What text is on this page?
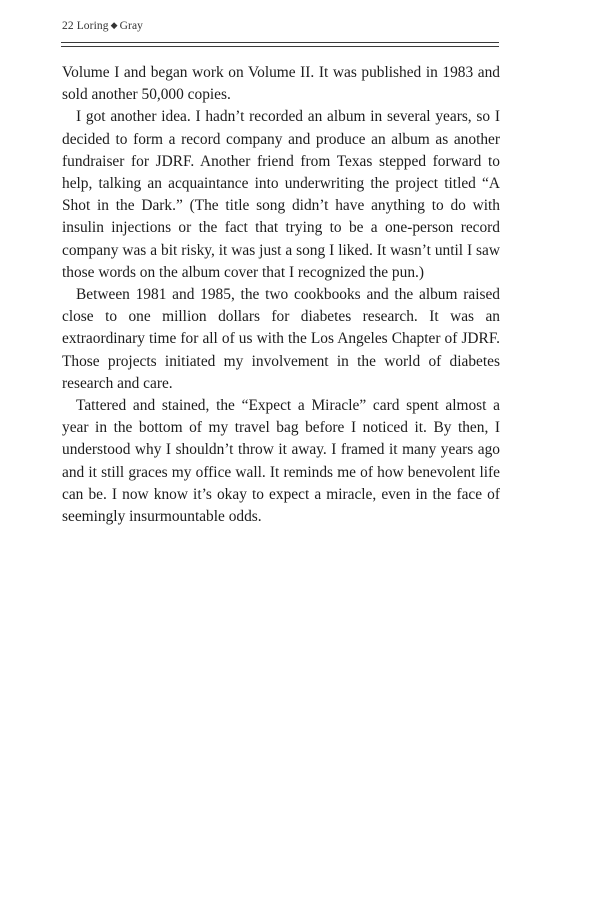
22 Loring ◆ Gray

Volume I and began work on Volume II. It was published in 1983 and sold another 50,000 copies.

I got another idea. I hadn’t recorded an album in several years, so I decided to form a record company and produce an album as another fundraiser for JDRF. Another friend from Texas stepped forward to help, talking an acquaintance into underwriting the project titled “A Shot in the Dark.” (The title song didn’t have anything to do with insulin injections or the fact that trying to be a one-person record company was a bit risky, it was just a song I liked. It wasn’t until I saw those words on the album cover that I recognized the pun.)

Between 1981 and 1985, the two cookbooks and the album raised close to one million dollars for diabetes research. It was an extraordinary time for all of us with the Los Angeles Chapter of JDRF. Those projects initiated my involvement in the world of diabetes research and care.

Tattered and stained, the “Expect a Miracle” card spent almost a year in the bottom of my travel bag before I noticed it. By then, I understood why I shouldn’t throw it away. I framed it many years ago and it still graces my office wall. It reminds me of how benevolent life can be. I now know it’s okay to expect a miracle, even in the face of seemingly insurmountable odds.
